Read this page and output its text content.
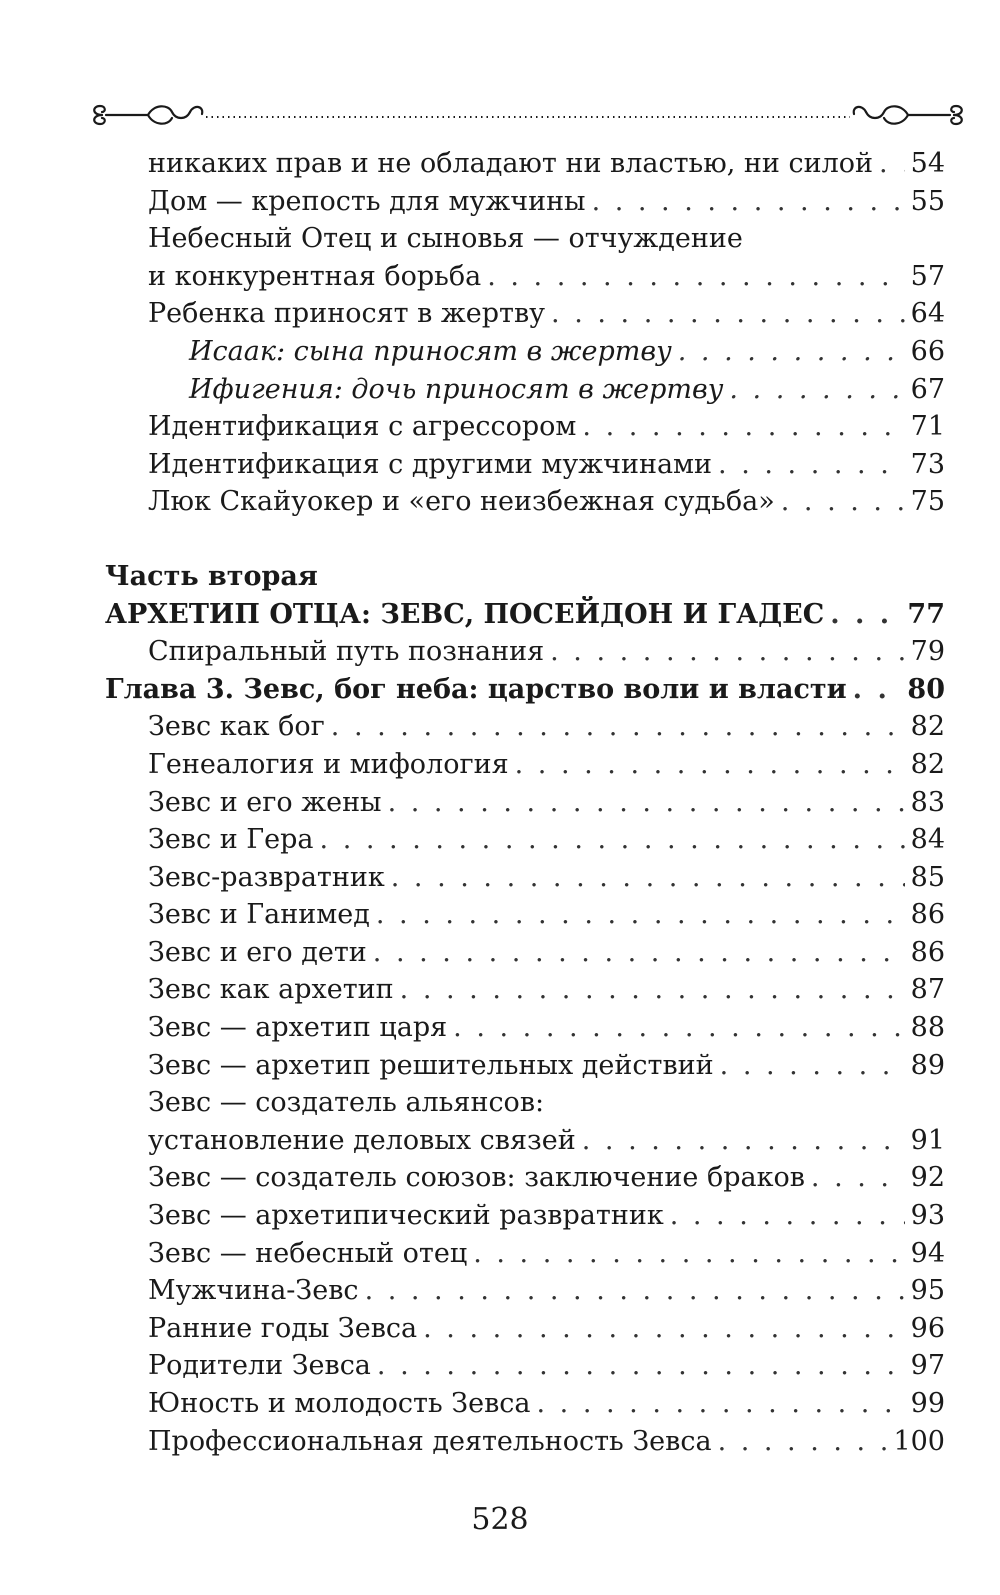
никаких прав и не обладают ни властью, ни силой . . . 54
Дом — крепость для мужчины . . .	55
Небесный Отец и сыновья — отчуждение
и конкурентная борьба . . .	57
Ребенка приносят в жертву . . .	64
Исаак: сына приносят в жертву . . .	66
Ифигения: дочь приносят в жертву . . .	67
Идентификация с агрессором . . .	71
Идентификация с другими мужчинами . . .	73
Люк Скайуокер и «его неизбежная судьба» . . .	75
Часть вторая
АРХЕТИП ОТЦА: ЗЕВС, ПОСЕЙДОН И ГАДЕС . . .	77
Спиральный путь познания . . .	79
Глава 3. Зевс, бог неба: царство воли и власти . . . 80
Зевс как бог . . .	82
Генеалогия и мифология . . .	82
Зевс и его жены . . .	83
Зевс и Гера . . .	84
Зевс-развратник . . .	85
Зевс и Ганимед . . .	86
Зевс и его дети . . .	86
Зевс как архетип . . .	87
Зевс — архетип царя . . .	88
Зевс — архетип решительных действий . . .	89
Зевс — создатель альянсов:
установление деловых связей . . .	91
Зевс — создатель союзов: заключение браков . . .	92
Зевс — архетипический развратник . . .	93
Зевс — небесный отец . . .	94
Мужчина-Зевс . . .	95
Ранние годы Зевса . . .	96
Родители Зевса . . .	97
Юность и молодость Зевса . . .	99
Профессиональная деятельность Зевса . . .	100
528
